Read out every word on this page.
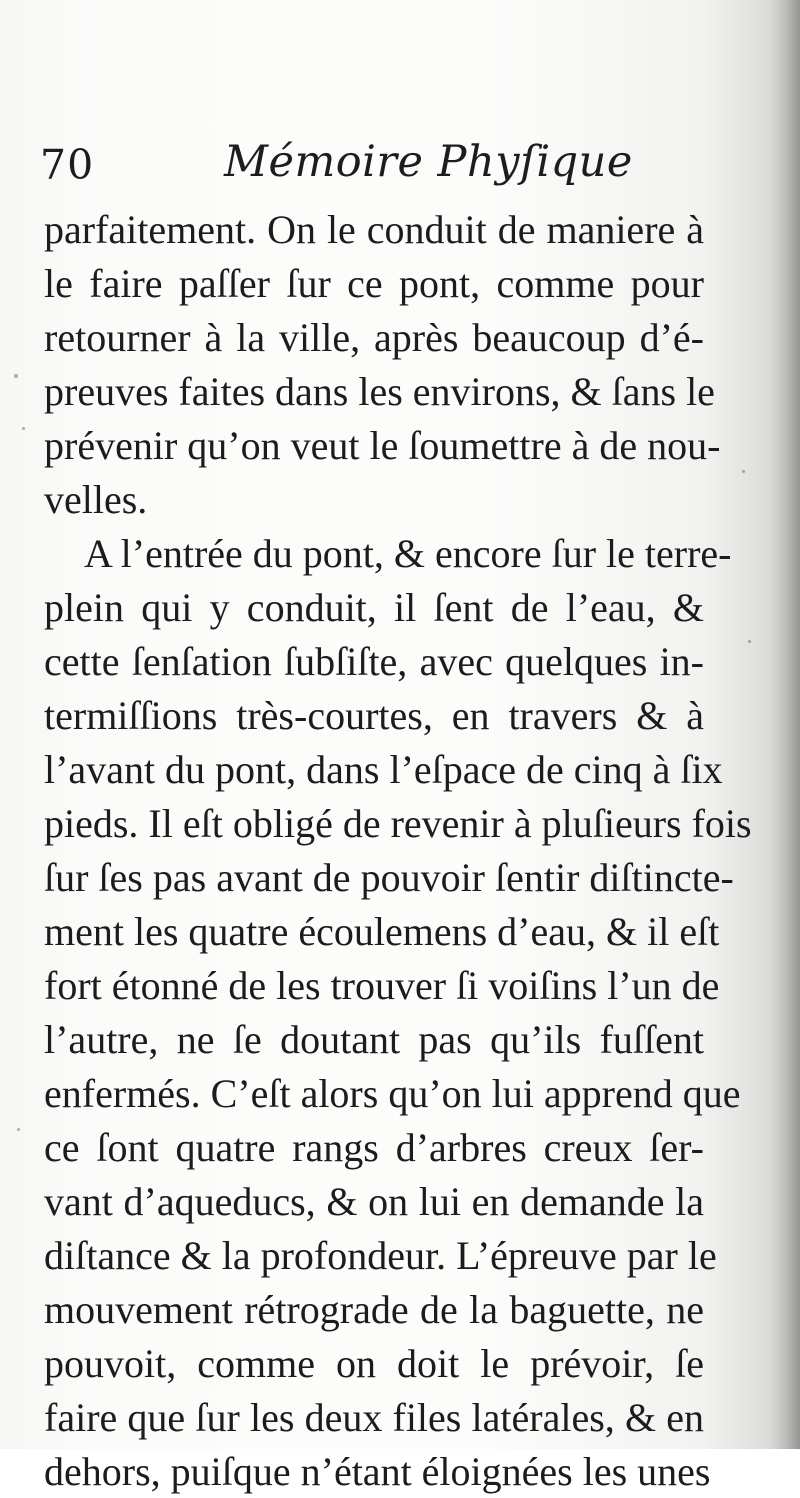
70	Mémoire Phyſique
parfaitement. On le conduit de maniere à
le faire paſſer ſur ce pont, comme pour
retourner à la ville, après beaucoup d’é-
preuves faites dans les environs, & ſans le
prévenir qu’on veut le ſoumettre à de nou-
velles.
A l’entrée du pont, & encore ſur le terre-
plein qui y conduit, il ſent de l’eau, &
cette ſenſation ſubſiſte, avec quelques in-
termiſſions très-courtes, en travers & à
l’avant du pont, dans l’eſpace de cinq à ſix
pieds. Il eſt obligé de revenir à pluſieurs fois
ſur ſes pas avant de pouvoir ſentir diſtincte-
ment les quatre écoulemens d’eau, & il eſt
fort étonné de les trouver ſi voiſins l’un de
l’autre, ne ſe doutant pas qu’ils fuſſent
enfermés. C’eſt alors qu’on lui apprend que
ce ſont quatre rangs d’arbres creux ſer-
vant d’aqueducs, & on lui en demande la
diſtance & la profondeur. L’épreuve par le
mouvement rétrograde de la baguette, ne
pouvoit, comme on doit le prévoir, ſe
faire que ſur les deux files latérales, & en
dehors, puiſque n’étant éloignées les unes
